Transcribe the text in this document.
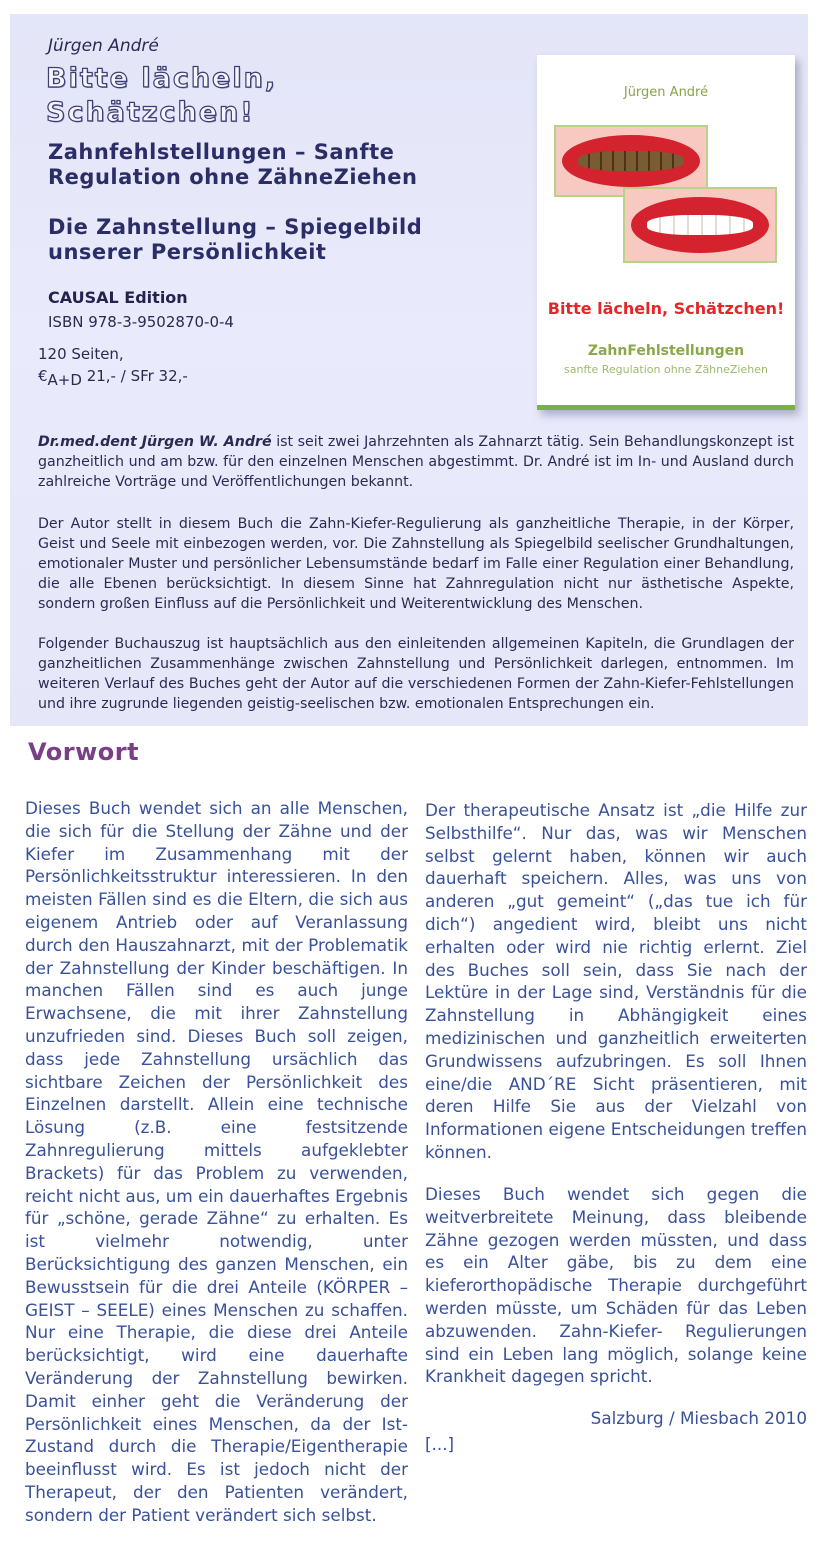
Jürgen André

Bitte lächeln,
Schätzchen!

Zahnfehlstellungen – Sanfte Regulation ohne ZähneZiehen

Die Zahnstellung – Spiegelbild unserer Persönlichkeit

CAUSAL Edition

ISBN 978-3-9502870-0-4

120 Seiten,

$€_{A+D}$ 21,- / SFr 32,-

Jürgen André
Bitte lächeln, Schätzchen!
ZahnFehlstellungen
sanfte Regulation ohne ZähneZiehen

Dr.med.dent Jürgen W. André ist seit zwei Jahrzehnten als Zahnarzt tätig. Sein Behandlungskonzept ist ganzheitlich und am bzw. für den einzelnen Menschen abgestimmt. Dr. André ist im In- und Ausland durch zahlreiche Vorträge und Veröffentlichungen bekannt.

Der Autor stellt in diesem Buch die Zahn-Kiefer-Regulierung als ganzheitliche Therapie, in der Körper, Geist und Seele mit einbezogen werden, vor. Die Zahnstellung als Spiegelbild seelischer Grundhaltungen, emotionaler Muster und persönlicher Lebensumstände bedarf im Falle einer Regulation einer Behandlung, die alle Ebenen berücksichtigt. In diesem Sinne hat Zahnregulation nicht nur ästhetische Aspekte, sondern großen Einfluss auf die Persönlichkeit und Weiterentwicklung des Menschen.

Folgender Buchauszug ist hauptsächlich aus den einleitenden allgemeinen Kapiteln, die Grundlagen der ganzheitlichen Zusammenhänge zwischen Zahnstellung und Persönlichkeit darlegen, entnommen. Im weiteren Verlauf des Buches geht der Autor auf die verschiedenen Formen der Zahn-Kiefer-Fehlstellungen und ihre zugrunde liegenden geistig-seelischen bzw. emotionalen Entsprechungen ein.

Vorwort

Dieses Buch wendet sich an alle Menschen, die sich für die Stellung der Zähne und der Kiefer im Zusammenhang mit der Persönlichkeitsstruktur interessieren. In den meisten Fällen sind es die Eltern, die sich aus eigenem Antrieb oder auf Veranlassung durch den Hauszahnarzt, mit der Problematik der Zahnstellung der Kinder beschäftigen. In manchen Fällen sind es auch junge Erwachsene, die mit ihrer Zahnstellung unzufrieden sind. Dieses Buch soll zeigen, dass jede Zahnstellung ursächlich das sichtbare Zeichen der Persönlichkeit des Einzelnen darstellt. Allein eine technische Lösung (z.B. eine festsitzende Zahnregulierung mittels aufgeklebter Brackets) für das Problem zu verwenden, reicht nicht aus, um ein dauerhaftes Ergebnis für „schöne, gerade Zähne“ zu erhalten. Es ist vielmehr notwendig, unter Berücksichtigung des ganzen Menschen, ein Bewusstsein für die drei Anteile (KÖRPER – GEIST – SEELE) eines Menschen zu schaffen. Nur eine Therapie, die diese drei Anteile berücksichtigt, wird eine dauerhafte Veränderung der Zahnstellung bewirken. Damit einher geht die Veränderung der Persönlichkeit eines Menschen, da der Ist-Zustand durch die Therapie/Eigentherapie beeinflusst wird. Es ist jedoch nicht der Therapeut, der den Patienten verändert, sondern der Patient verändert sich selbst.

Der therapeutische Ansatz ist „die Hilfe zur Selbsthilfe“. Nur das, was wir Menschen selbst gelernt haben, können wir auch dauerhaft speichern. Alles, was uns von anderen „gut gemeint“ („das tue ich für dich“) angedient wird, bleibt uns nicht erhalten oder wird nie richtig erlernt. Ziel des Buches soll sein, dass Sie nach der Lektüre in der Lage sind, Verständnis für die Zahnstellung in Abhängigkeit eines medizinischen und ganzheitlich erweiterten Grundwissens aufzubringen. Es soll Ihnen eine/die AND´RE Sicht präsentieren, mit deren Hilfe Sie aus der Vielzahl von Informationen eigene Entscheidungen treffen können.

Dieses Buch wendet sich gegen die weitverbreitete Meinung, dass bleibende Zähne gezogen werden müssten, und dass es ein Alter gäbe, bis zu dem eine kieferorthopädische Therapie durchgeführt werden müsste, um Schäden für das Leben abzuwenden. Zahn-Kiefer- Regulierungen sind ein Leben lang möglich, solange keine Krankheit dagegen spricht.

Salzburg / Miesbach 2010

[...]
